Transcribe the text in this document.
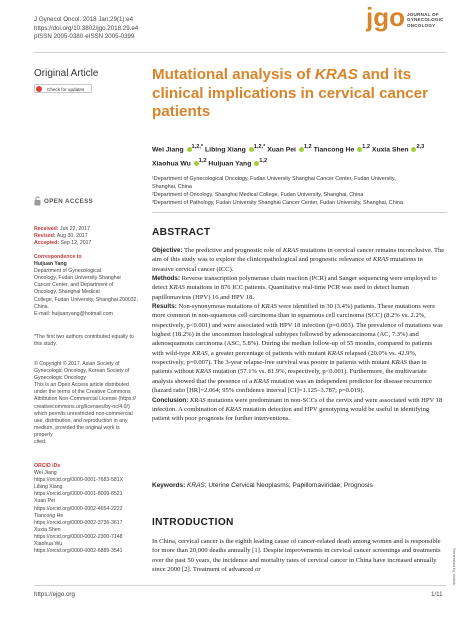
J Gynecol Oncol. 2018 Jan;29(1):e4
https://doi.org/10.3802/jgo.2018.29.e4
pISSN 2005-0380·eISSN 2005-0399
jgo JOURNAL OF
GYNECOLOGIC
ONCOLOGY
Original Article
Check for updates
Mutational analysis of KRAS and its clinical implications in cervical cancer patients
Wei Jiang $^{1,2,*}$ Libing Xiang $^{1,2,*}$ Xuan Pei $^{1,2}$ Tiancong He $^{1,2}$ Xuxia Shen $^{2,3}$
Xiaohua Wu $^{1,2}$ Huijuan Yang $^{1,2}$
¹Department of Gynecological Oncology, Fudan University Shanghai Cancer Center, Fudan University,
Shanghai, China
²Department of Oncology, Shanghai Medical College, Fudan University, Shanghai, China
³Department of Pathology, Fudan University Shanghai Cancer Center, Fudan University, Shanghai, China
OPEN ACCESS
Received: Jun 22, 2017
Revised: Aug 30, 2017
Accepted: Sep 12, 2017
Correspondence to
Huijuan Yang
Department of Gynecological
Oncology, Fudan University Shanghai
Cancer Center, and Department of
Oncology, Shanghai Medical
College, Fudan University, Shanghai 200032,
China.
E-mail: huijuanyang@hotmail.com
*The first two authors contributed equally to
this study.
© Copyright © 2017. Asian Society of
Gynecologic Oncology, Korean Society of
Gynecologic Oncology
This is an Open Access article distributed
under the terms of the Creative Commons
Attribution Non-Commercial License (https://
creativecommons.org/licenses/by-nc/4.0/)
which permits unrestricted non-commercial
use, distribution, and reproduction in any
medium, provided the original work is properly
cited.
ORCID iDs
Wei Jiang
https://orcid.org/0000-0001-7683-581X
Libing Xiang
https://orcid.org/0000-0001-8009-6521
Xuan Pei
https://orcid.org/0000-0002-4654-2222
Tiancong He
https://orcid.org/0000-0002-3736-3617
Xuxia Shen
https://orcid.org/0000-0002-2300-7148
Xiaohua Wu
https://orcid.org/0000-0002-6889-3541
ABSTRACT
Objective: The predictive and prognostic role of KRAS mutations in cervical cancer remains inconclusive. The aim of this study was to explore the clinicopathological and prognostic relevance of KRAS mutations in invasive cervical cancer (ICC).
Methods: Reverse transcription polymerase chain reaction (PCR) and Sanger sequencing were employed to detect KRAS mutations in 876 ICC patients. Quantitative real-time PCR was used to detect human papillomavirus (HPV) 16 and HPV 18.
Results: Non-synonymous mutations of KRAS were identified in 30 (3.4%) patients. These mutations were more common in non-squamous cell carcinoma than in squamous cell carcinoma (SCC) (8.2% vs. 2.2%, respectively, p<0.001) and were associated with HPV 18 infection (p=0.003). The prevalence of mutations was highest (18.2%) in the uncommon histological subtypes followed by adenocarcinoma (AC, 7.3%) and adenosquamous carcinoma (ASC, 5.8%). During the median follow-up of 55 months, compared to patients with wild-type KRAS, a greater percentage of patients with mutant KRAS relapsed (20.0% vs. 42.9%, respectively, p=0.007). The 3-year relapse-free survival was poorer in patients with mutant KRAS than in patients without KRAS mutation (57.1% vs. 81.9%, respectively, p<0.001). Furthermore, the multivariate analysis showed that the presence of a KRAS mutation was an independent predictor for disease recurrence (hazard ratio [HR]=2.064; 95% confidence interval [CI]=1.125–3.787; p=0.019).
Conclusion: KRAS mutations were predominant in non-SCCs of the cervix and were associated with HPV 18 infection. A combination of KRAS mutation detection and HPV genotyping would be useful in identifying patient with poor prognosis for further interventions.
Keywords: KRAS; Uterine Cervical Neoplasms; Papillomaviridae; Prognosis
INTRODUCTION
In China, cervical cancer is the eighth leading cause of cancer-related death among women and is responsible for more than 20,000 deaths annually [1]. Despite improvements in cervical cancer screenings and treatments over the past 50 years, the incidence and mortality rates of cervical cancer in China have increased annually since 2000 [2]. Treatment of advanced or
https://ejgo.org	1/11
Generated by Xmlink
